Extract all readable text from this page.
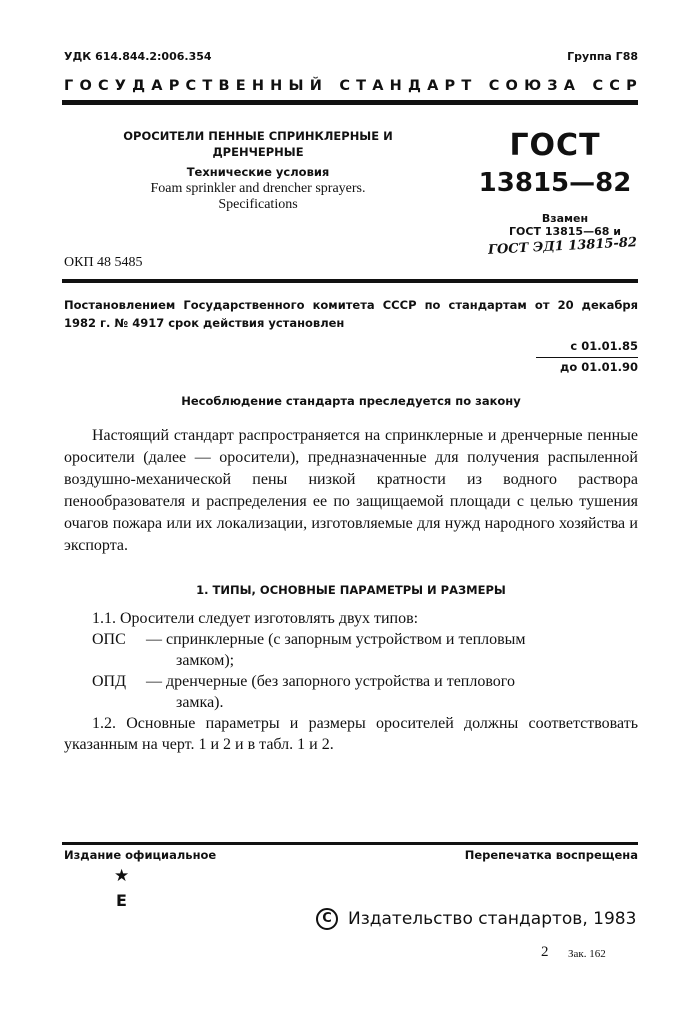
УДК 614.844.2:006.354	Группа Г88
ГОСУДАРСТВЕННЫЙ СТАНДАРТ СОЮЗА ССР

ОРОСИТЕЛИ ПЕННЫЕ СПРИНКЛЕРНЫЕ И ДРЕНЧЕРНЫЕ

Технические условия
Foam sprinkler and drencher sprayers.
Specifications
ГОСТ
13815—82
Взамен
ГОСТ 13815—68 и
ГОСТ ЭД1 13815-82
ОКП 48 5485
Постановлением Государственного комитета СССР по стандартам от 20 декабря 1982 г. № 4917 срок действия установлен
с 01.01.85
до 01.01.90
Несоблюдение стандарта преследуется по закону

Настоящий стандарт распространяется на спринклерные и дренчерные пенные оросители (далее — оросители), предназначенные для получения распыленной воздушно-механической пены низкой кратности из водного раствора пенообразователя и распределения ее по защищаемой площади с целью тушения очагов пожара или их локализации, изготовляемые для нужд народного хозяйства и экспорта.

1. ТИПЫ, ОСНОВНЫЕ ПАРАМЕТРЫ И РАЗМЕРЫ

1.1. Оросители следует изготовлять двух типов:

ОПС	— спринклерные (с запорным устройством и тепловым
замком);
ОПД	— дренчерные (без запорного устройства и теплового
замка).

1.2. Основные параметры и размеры оросителей должны соответствовать указанным на черт. 1 и 2 и в табл. 1 и 2.

Издание официальное	Перепечатка воспрещена
★
Е
С Издательство стандартов, 1983
2 Зак. 162
